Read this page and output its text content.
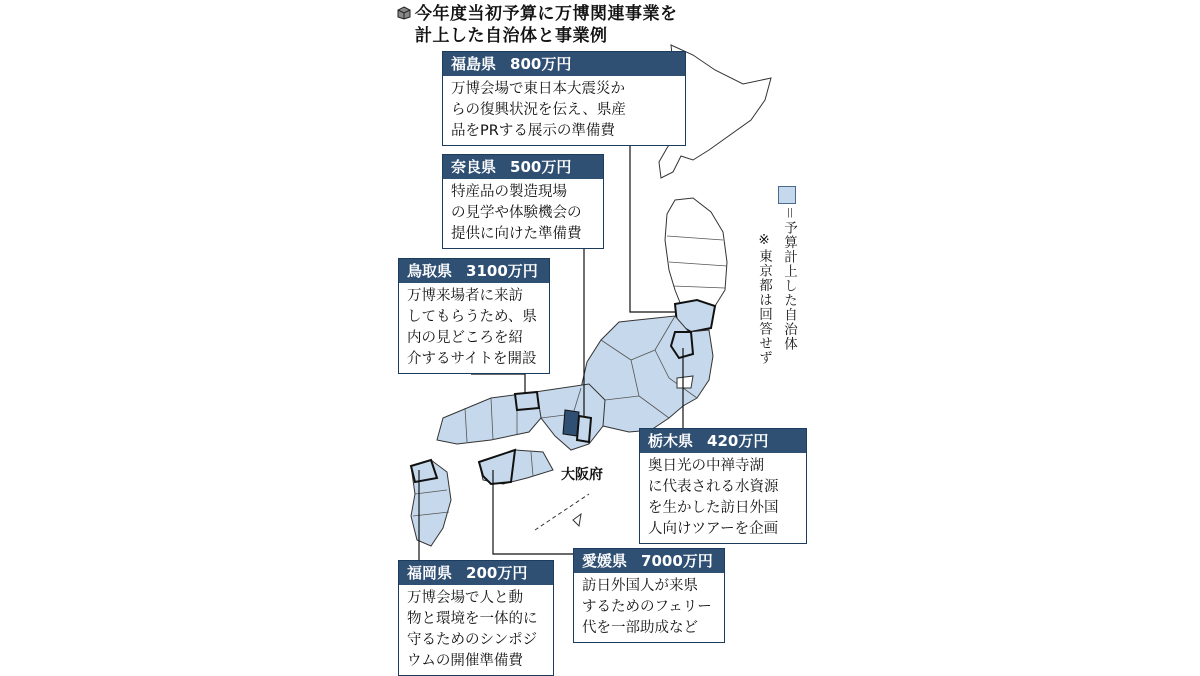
今年度当初予算に万博関連事業を
計上した自治体と事業例
＝予算計上した自治体
※東京都は回答せず
大阪府
福島県 800万円
万博会場で東日本大震災か
らの復興状況を伝え、県産
品をPRする展示の準備費
奈良県 500万円
特産品の製造現場
の見学や体験機会の
提供に向けた準備費
鳥取県 3100万円
万博来場者に来訪
してもらうため、県
内の見どころを紹
介するサイトを開設
栃木県 420万円
奥日光の中禅寺湖
に代表される水資源
を生かした訪日外国
人向けツアーを企画
愛媛県 7000万円
訪日外国人が来県
するためのフェリー
代を一部助成など
福岡県 200万円
万博会場で人と動
物と環境を一体的に
守るためのシンポジ
ウムの開催準備費
